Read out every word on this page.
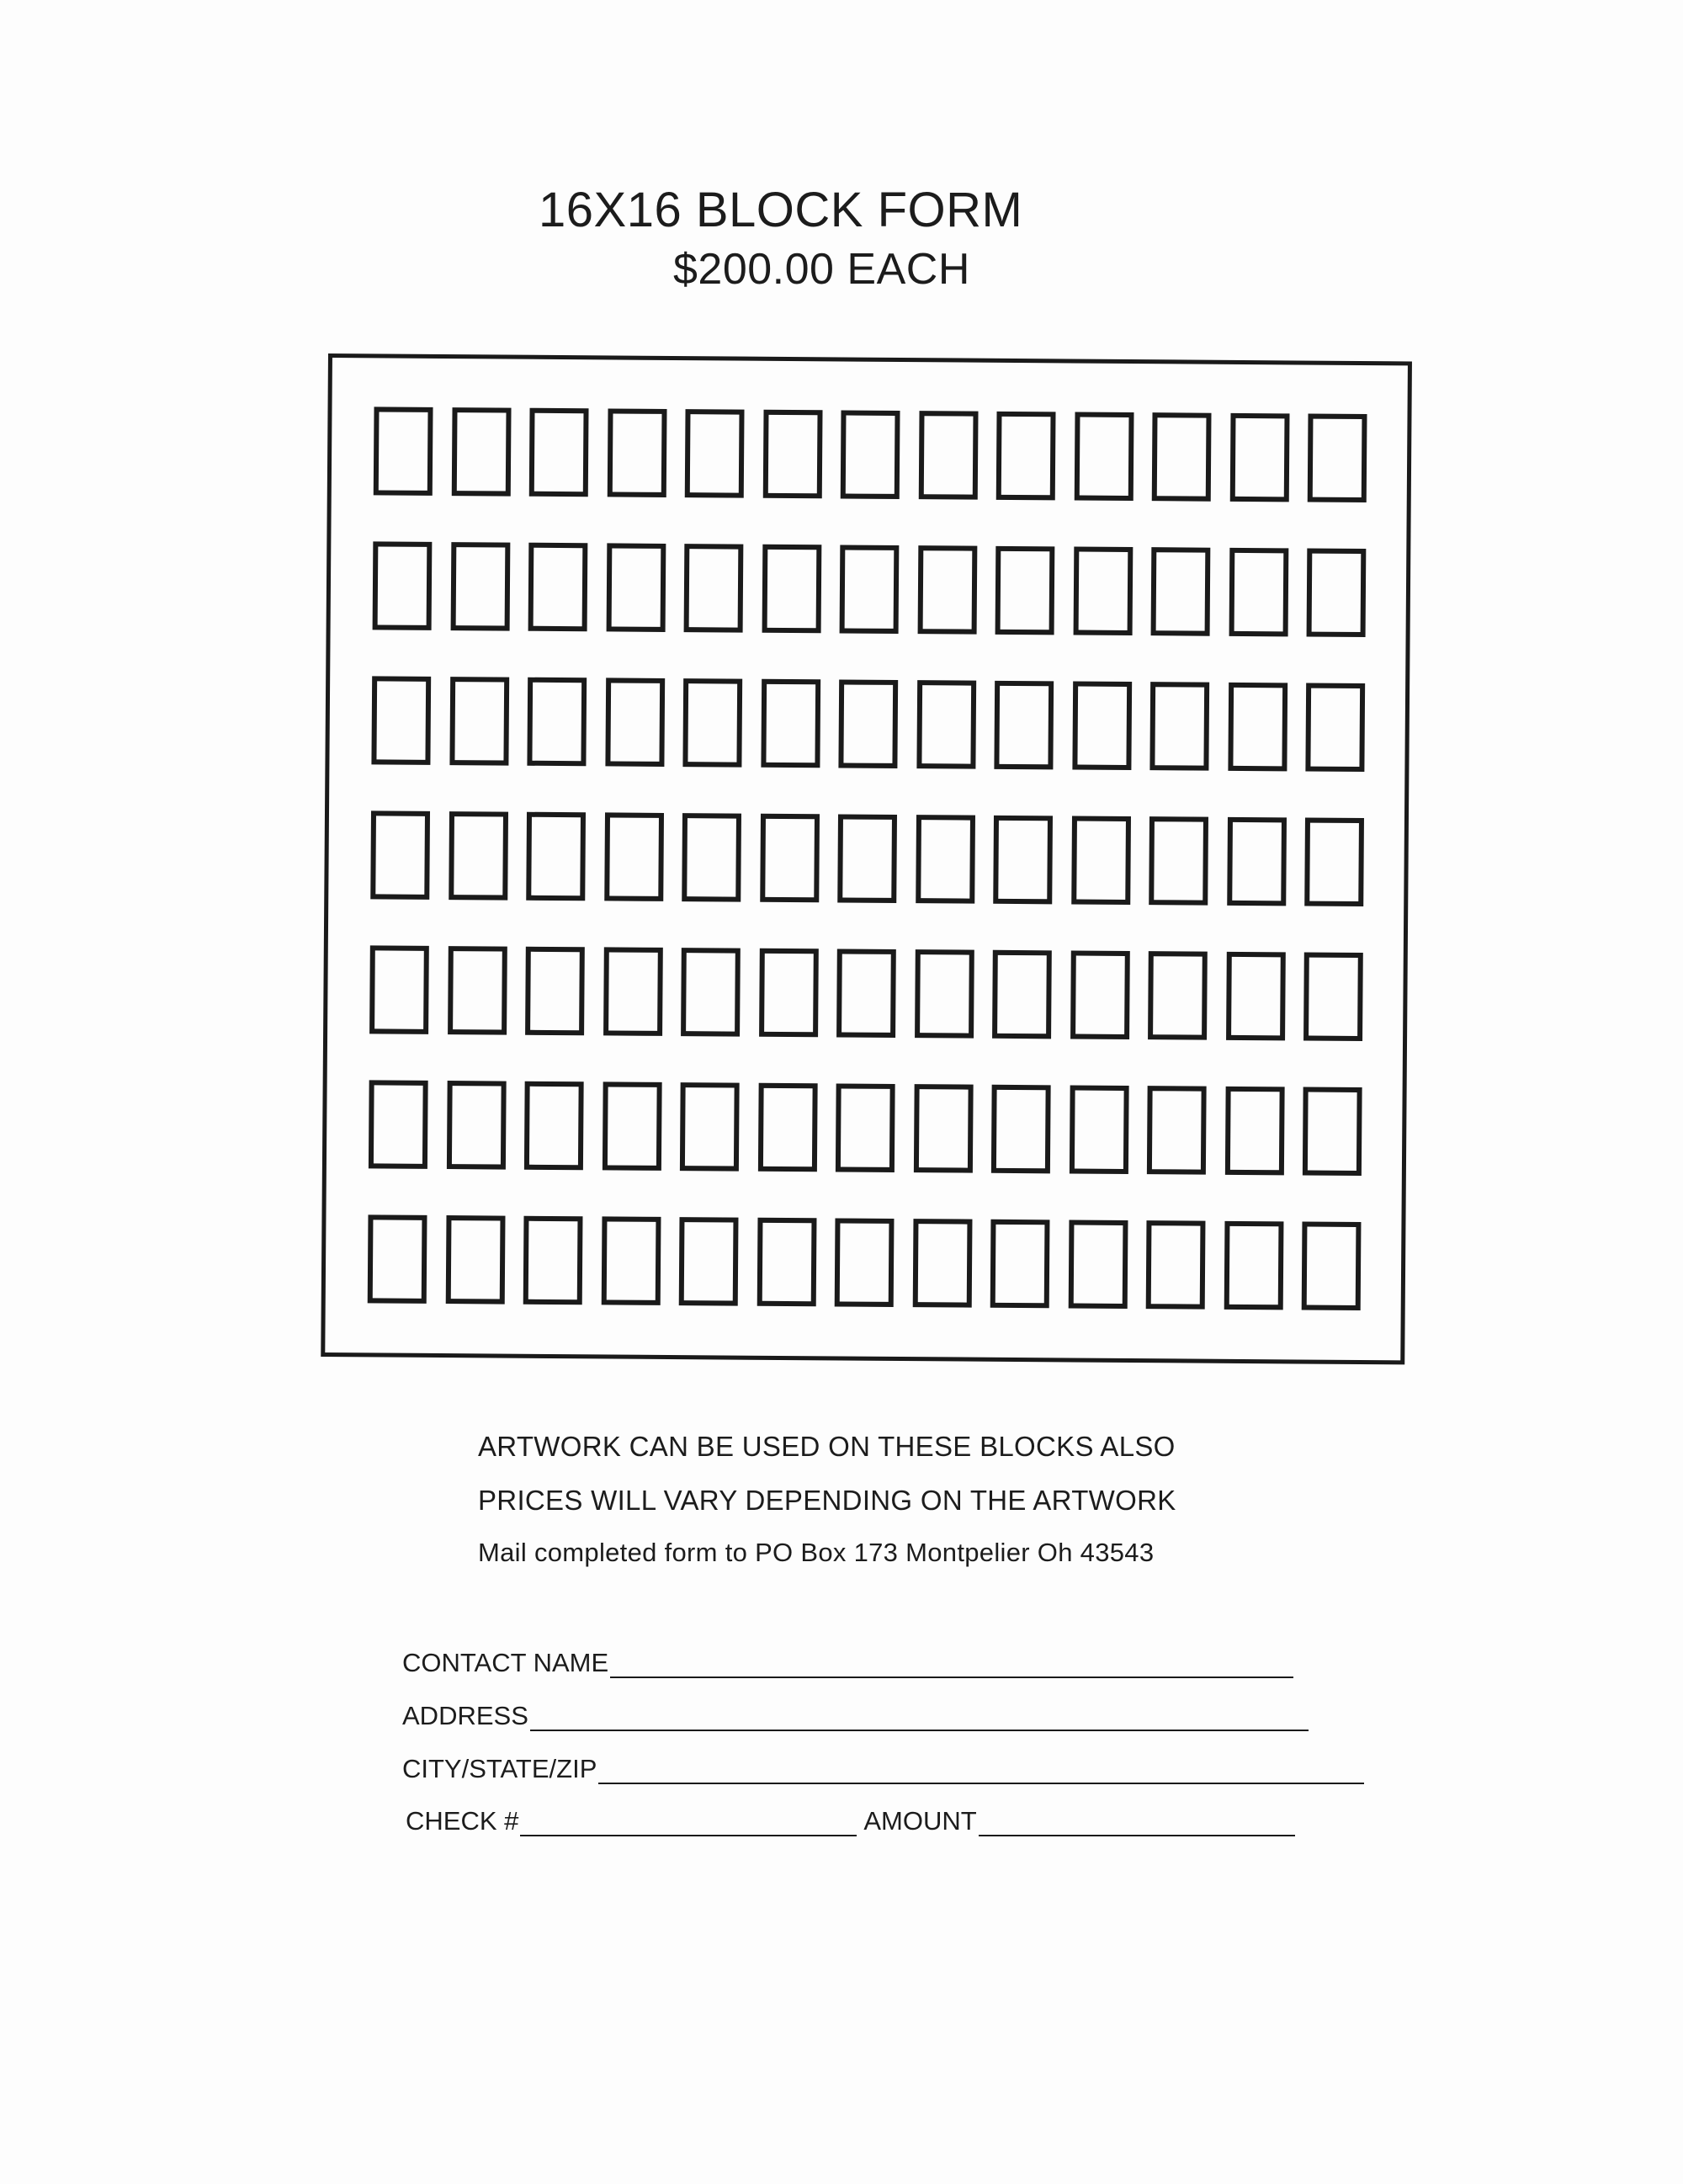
16X16 BLOCK FORM
$200.00 EACH
ARTWORK CAN BE USED ON THESE BLOCKS ALSO
PRICES WILL VARY DEPENDING ON THE ARTWORK
Mail completed form to PO Box 173 Montpelier Oh 43543
CONTACT NAME
ADDRESS
CITY/STATE/ZIP
CHECK #	AMOUNT
